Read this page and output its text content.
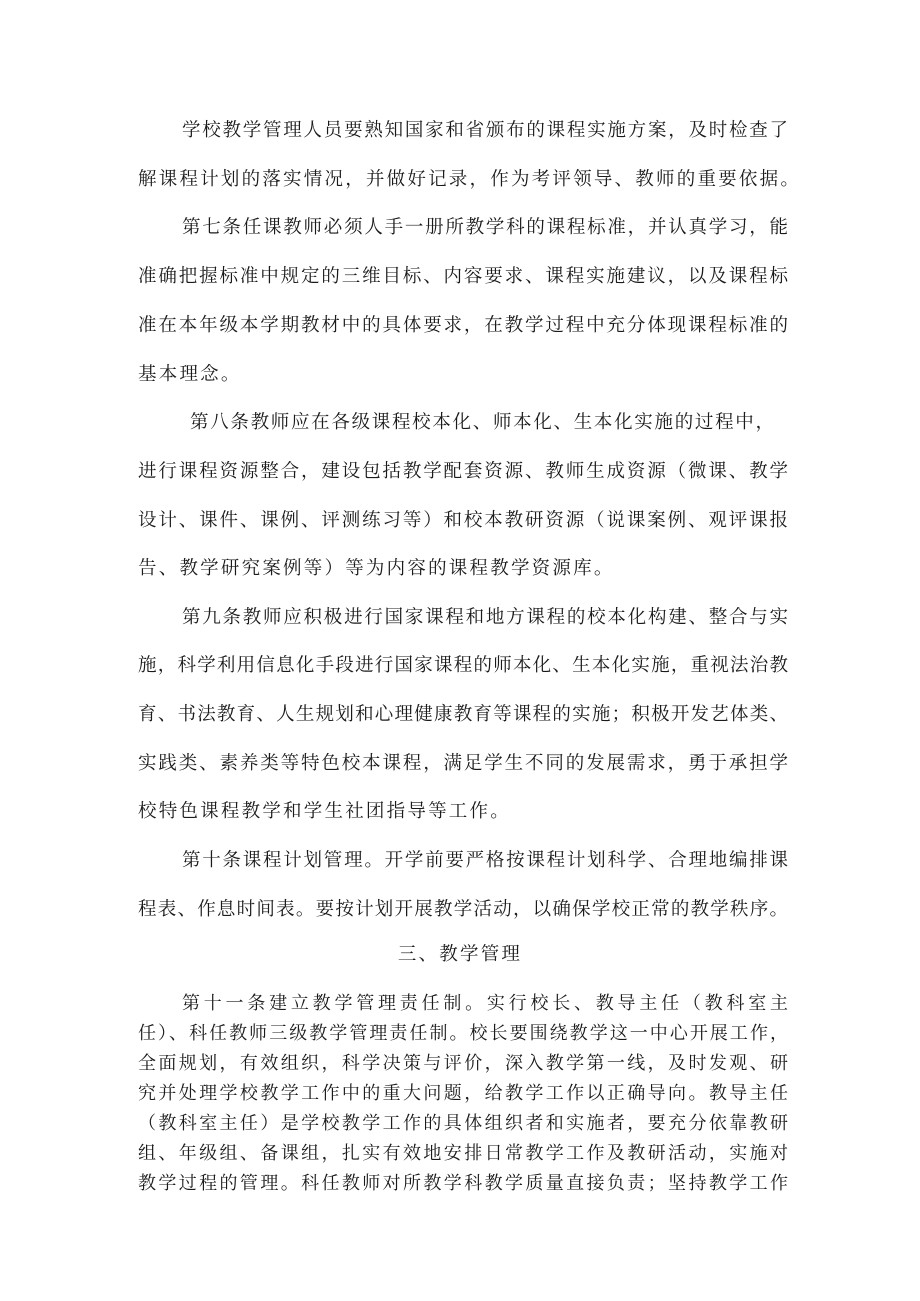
学校教学管理人员要熟知国家和省颁布的课程实施方案，及时检查了
解课程计划的落实情况，并做好记录，作为考评领导、教师的重要依据。
第七条任课教师必须人手一册所教学科的课程标准，并认真学习，能
准确把握标准中规定的三维目标、内容要求、课程实施建议，以及课程标
准在本年级本学期教材中的具体要求，在教学过程中充分体现课程标准的
基本理念。
第八条教师应在各级课程校本化、师本化、生本化实施的过程中，
进行课程资源整合，建设包括教学配套资源、教师生成资源（微课、教学
设计、课件、课例、评测练习等）和校本教研资源（说课案例、观评课报
告、教学研究案例等）等为内容的课程教学资源库。
第九条教师应积极进行国家课程和地方课程的校本化构建、整合与实
施，科学利用信息化手段进行国家课程的师本化、生本化实施，重视法治教
育、书法教育、人生规划和心理健康教育等课程的实施；积极开发艺体类、
实践类、素养类等特色校本课程，满足学生不同的发展需求，勇于承担学
校特色课程教学和学生社团指导等工作。
第十条课程计划管理。开学前要严格按课程计划科学、合理地编排课
程表、作息时间表。要按计划开展教学活动，以确保学校正常的教学秩序。
三、教学管理
第十一条建立教学管理责任制。实行校长、教导主任（教科室主
任）、科任教师三级教学管理责任制。校长要围绕教学这一中心开展工作，
全面规划，有效组织，科学决策与评价，深入教学第一线，及时发观、研
究并处理学校教学工作中的重大问题，给教学工作以正确导向。教导主任
（教科室主任）是学校教学工作的具体组织者和实施者，要充分依靠教研
组、年级组、备课组，扎实有效地安排日常教学工作及教研活动，实施对
教学过程的管理。科任教师对所教学科教学质量直接负责；坚持教学工作
